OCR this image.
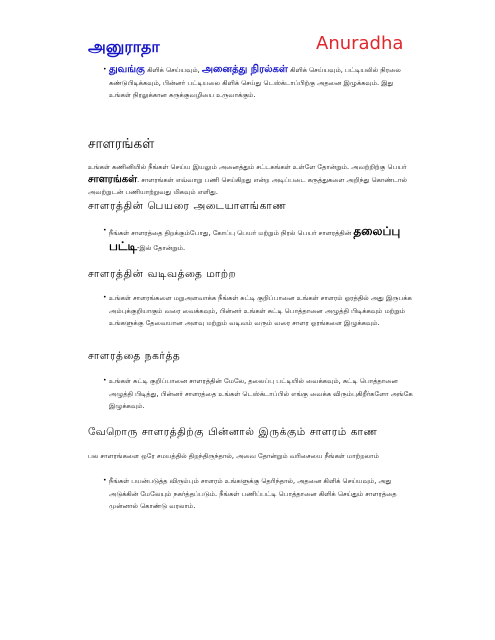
அனுராதா	Anuradha
• துவங்கு கிளிக் செய்யவும், அனைத்து நிரல்கள் கிளிக் செய்யவும், பட்டியலில் நிரலை கண்டுபிடிக்கவும், பின்னர் பட்டியலை கிளிக் செய்து டெஸ்க்டாப்பிற்கு அதனை இழுக்கவும். இது உங்கள் நிரலுக்கான சுருக்குவழியை உருவாக்கும்.

சாளரங்கள்

உங்கள் கணினியில் நீங்கள் செய்ய இயலும் அனைத்தும் சட்டகங்கள் உள்ளே தோன்றும். அவற்றிற்கு பெயர் சாளரங்கள். சாளரங்கள் எவ்வாறு பணி செய்கிறது என்ற அடிப்படை கருத்துகளை அறிந்து கொண்டால் அவற்றுடன் பணியாற்றுவது மிகவும் எளிது.

சாளரத்தின் பெயரை அடையாளங்காண
• நீங்கள் சாளரத்தை திறக்கும்போது, கோப்பு பெயர் மற்றும் நிரல் பெயர் சாளரத்தின் தலைப்பு பட்டி-இல் தோன்றும்.

சாளரத்தின் வடிவத்தை மாற்ற
• உங்கள் சாளரங்களை மறுஅளவாக்க நீங்கள் சுட்டி குறிப்பானை உங்கள் சாளரம் ஓரத்தில் அது இருபக்க அம்புக்குறியாகும் வரை வைக்கவும், பின்னர் உங்கள் சுட்டி பொத்தானை அழுத்தி பிடிக்கவும் மற்றும் உங்களுக்கு தேவையான அளவு மற்றும் வடிவம் வரும் வரை சாளர ஓரங்களை இழுக்கவும்.

சாளரத்தை நகர்த்த
• உங்கள் சுட்டி குறிப்பானை சாளரத்தின் மேலே, தலைப்பு பட்டியில் வைக்கவும், சுட்டி பொத்தானை அழுத்தி பிடித்து, பின்னர் சாளரத்தை உங்கள் டெஸ்க்டாப்பில் எங்கு வைக்க விரும்புகிறீர்களோ அங்கே இழுக்கவும்.

வேறொரு சாளரத்திற்கு பின்னால் இருக்கும் சாளரம் காண

பல சாளரங்களை ஒரே சமயத்தில் திறந்திருந்தால், அவை தோன்றும் வரிசையை நீங்கள் மாற்றலாம்

• நீங்கள் பயன்படுத்த விரும்பும் சாளரம் உங்களுக்கு தெரிந்தால், அதனை கிளிக் செய்யவும், அது அடுக்கின் மேலேயும் நகர்த்தப்படும். நீங்கள் பணிப்பட்டி பொத்தானை கிளிக் செய்தும் சாளரத்தை முன்னால் கொண்டு வரலாம்.
